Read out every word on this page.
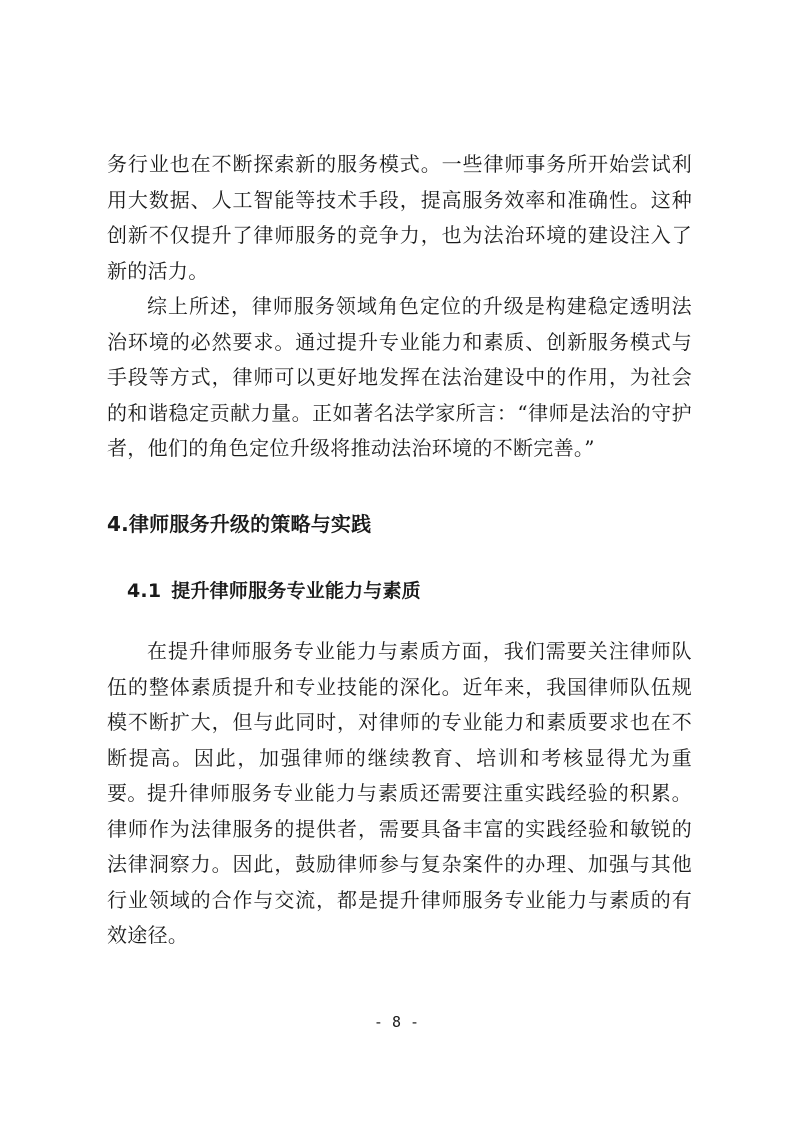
务行业也在不断探索新的服务模式。一些律师事务所开始尝试利用大数据、人工智能等技术手段，提高服务效率和准确性。这种创新不仅提升了律师服务的竞争力，也为法治环境的建设注入了新的活力。

综上所述，律师服务领域角色定位的升级是构建稳定透明法治环境的必然要求。通过提升专业能力和素质、创新服务模式与手段等方式，律师可以更好地发挥在法治建设中的作用，为社会的和谐稳定贡献力量。正如著名法学家所言：“律师是法治的守护者，他们的角色定位升级将推动法治环境的不断完善。”

4.律师服务升级的策略与实践
4.1 提升律师服务专业能力与素质

在提升律师服务专业能力与素质方面，我们需要关注律师队伍的整体素质提升和专业技能的深化。近年来，我国律师队伍规模不断扩大，但与此同时，对律师的专业能力和素质要求也在不断提高。因此，加强律师的继续教育、培训和考核显得尤为重要。 提升律师服务专业能力与素质还需要注重实践经验的积累。律师作为法律服务的提供者，需要具备丰富的实践经验和敏锐的法律洞察力。因此，鼓励律师参与复杂案件的办理、加强与其他行业领域的合作与交流，都是提升律师服务专业能力与素质的有效途径。

- 8 -
